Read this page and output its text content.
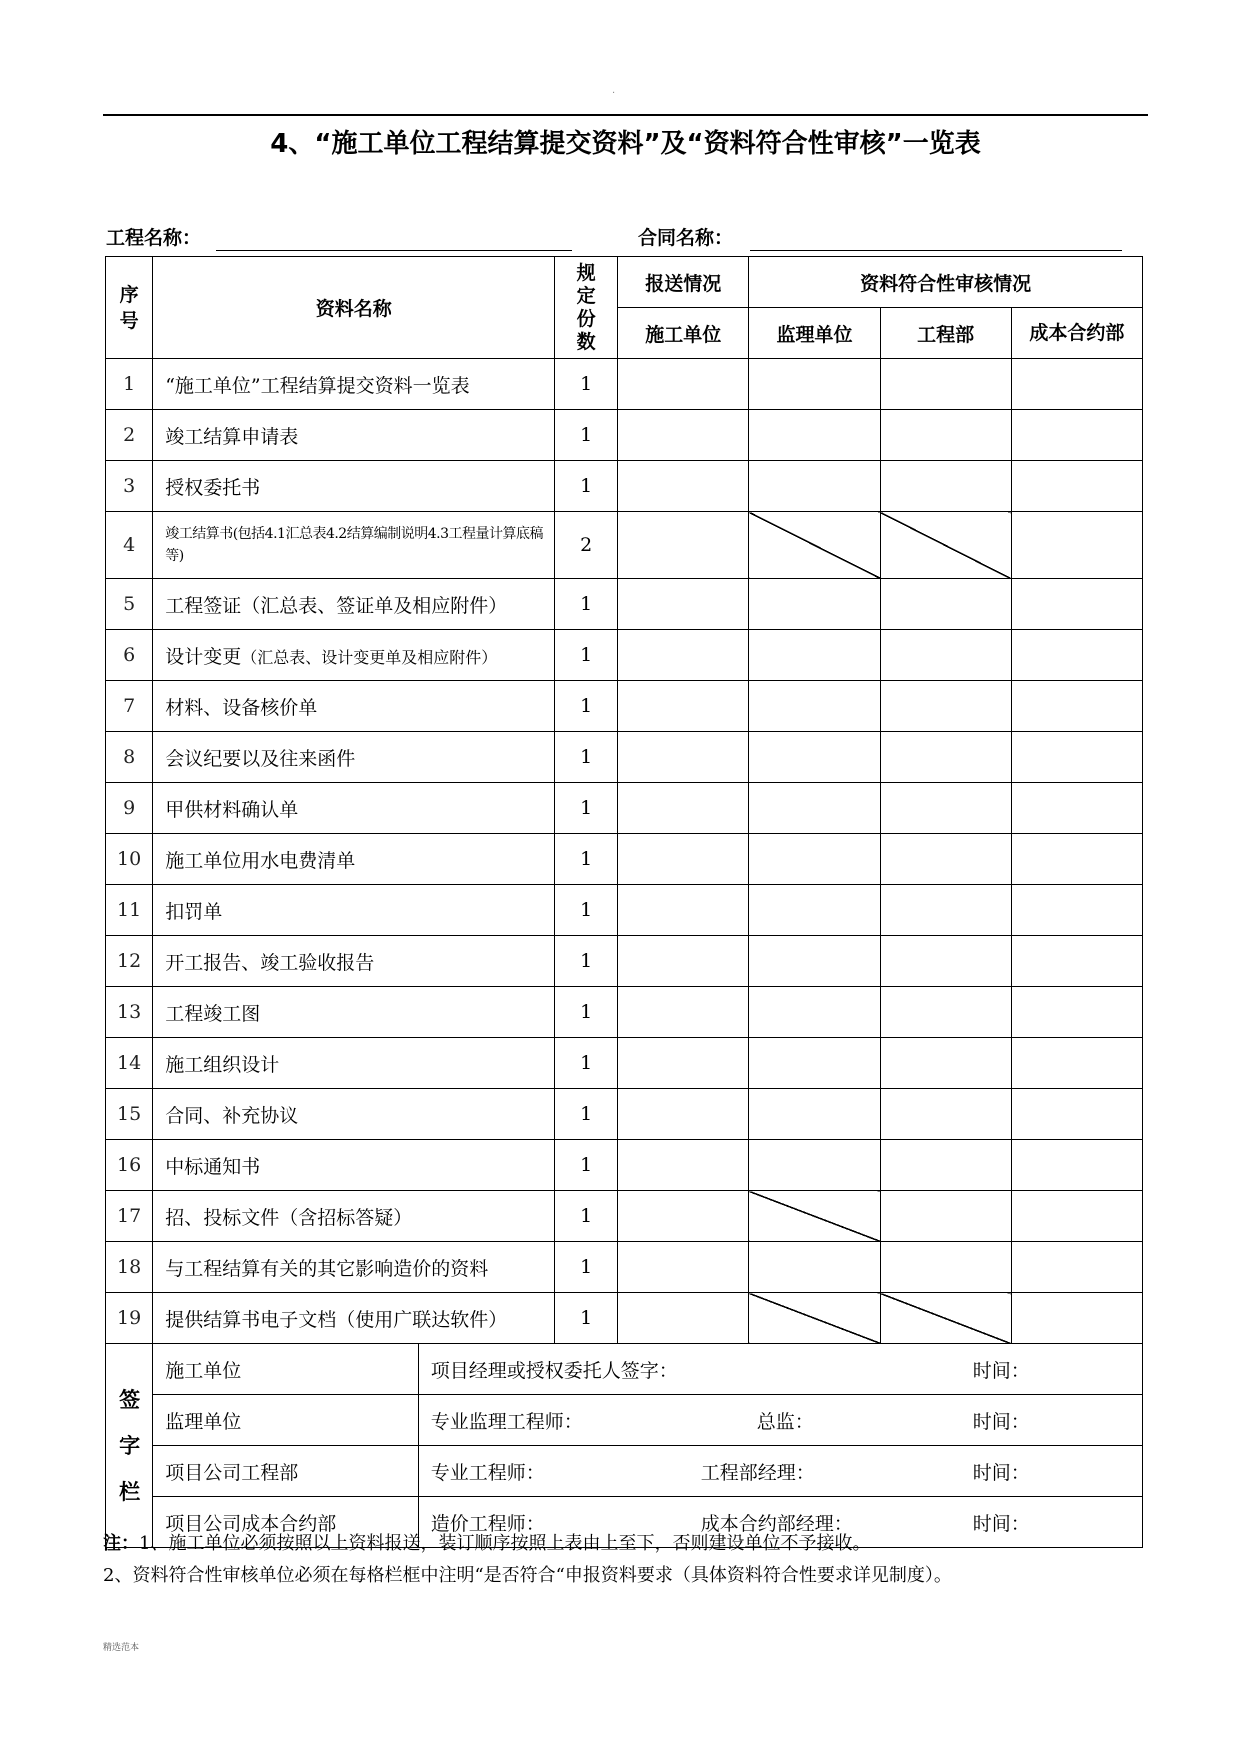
·
4、“施工单位工程结算提交资料”及“资料符合性审核”一览表
工程名称：	合同名称：
序号	资料名称		规定份数	报送情况	资料符合性审核情况		
				施工单位	监理单位	工程部	成本合约部
1	“施工单位”工程结算提交资料一览表		1				
2	竣工结算申请表		1				
3	授权委托书		1				
4	竣工结算书(包括4.1汇总表4.2结算编制说明4.3工程量计算底稿等)		2				
5	工程签证（汇总表、签证单及相应附件）		1				
6	设计变更（汇总表、设计变更单及相应附件）		1				
7	材料、设备核价单		1				
8	会议纪要以及往来函件		1				
9	甲供材料确认单		1				
10	施工单位用水电费清单		1				
11	扣罚单		1				
12	开工报告、竣工验收报告		1				
13	工程竣工图		1				
14	施工组织设计		1				
15	合同、补充协议		1				
16	中标通知书		1				
17	招、投标文件（含招标答疑）		1				
18	与工程结算有关的其它影响造价的资料		1				
19	提供结算书电子文档（使用广联达软件）		1				

签字栏	施工单位	项目经理或授权委托人签字： 时间：					

	监理单位	专业监理工程师： 总监： 时间：					

	项目公司工程部	专业工程师： 工程部经理： 时间：					

	项目公司成本合约部	造价工程师： 成本合约部经理： 时间：					
注：1、施工单位必须按照以上资料报送，装订顺序按照上表由上至下，否则建设单位不予接收。
2、资料符合性审核单位必须在每格栏框中注明“是否符合“申报资料要求（具体资料符合性要求详见制度）。
精选范本
